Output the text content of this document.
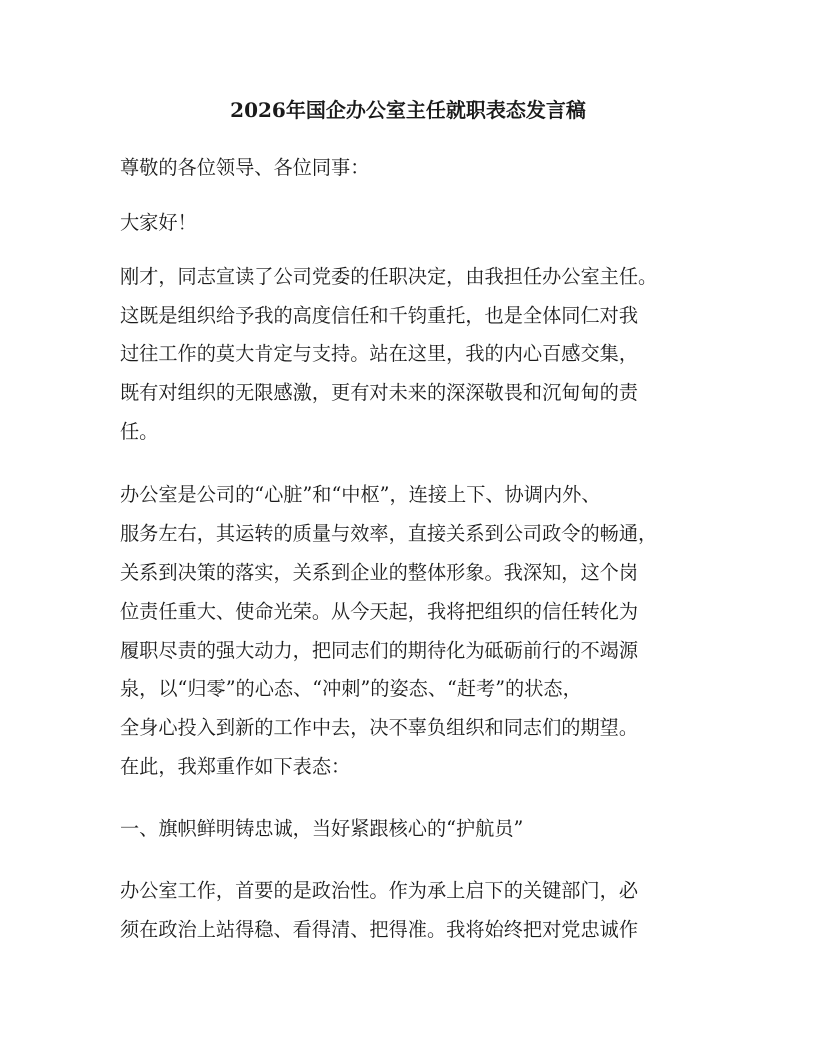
2026年国企办公室主任就职表态发言稿

尊敬的各位领导、各位同事：

大家好！

刚才，同志宣读了公司党委的任职决定，由我担任办公室主任。

这既是组织给予我的高度信任和千钧重托，也是全体同仁对我

过往工作的莫大肯定与支持。站在这里，我的内心百感交集，

既有对组织的无限感激，更有对未来的深深敬畏和沉甸甸的责

任。

办公室是公司的“心脏”和“中枢”，连接上下、协调内外、

服务左右，其运转的质量与效率，直接关系到公司政令的畅通，

关系到决策的落实，关系到企业的整体形象。我深知，这个岗

位责任重大、使命光荣。从今天起，我将把组织的信任转化为

履职尽责的强大动力，把同志们的期待化为砥砺前行的不竭源

泉，以“归零”的心态、“冲刺”的姿态、“赶考”的状态，

全身心投入到新的工作中去，决不辜负组织和同志们的期望。

在此，我郑重作如下表态：

一、旗帜鲜明铸忠诚，当好紧跟核心的“护航员”

办公室工作，首要的是政治性。作为承上启下的关键部门，必

须在政治上站得稳、看得清、把得准。我将始终把对党忠诚作
